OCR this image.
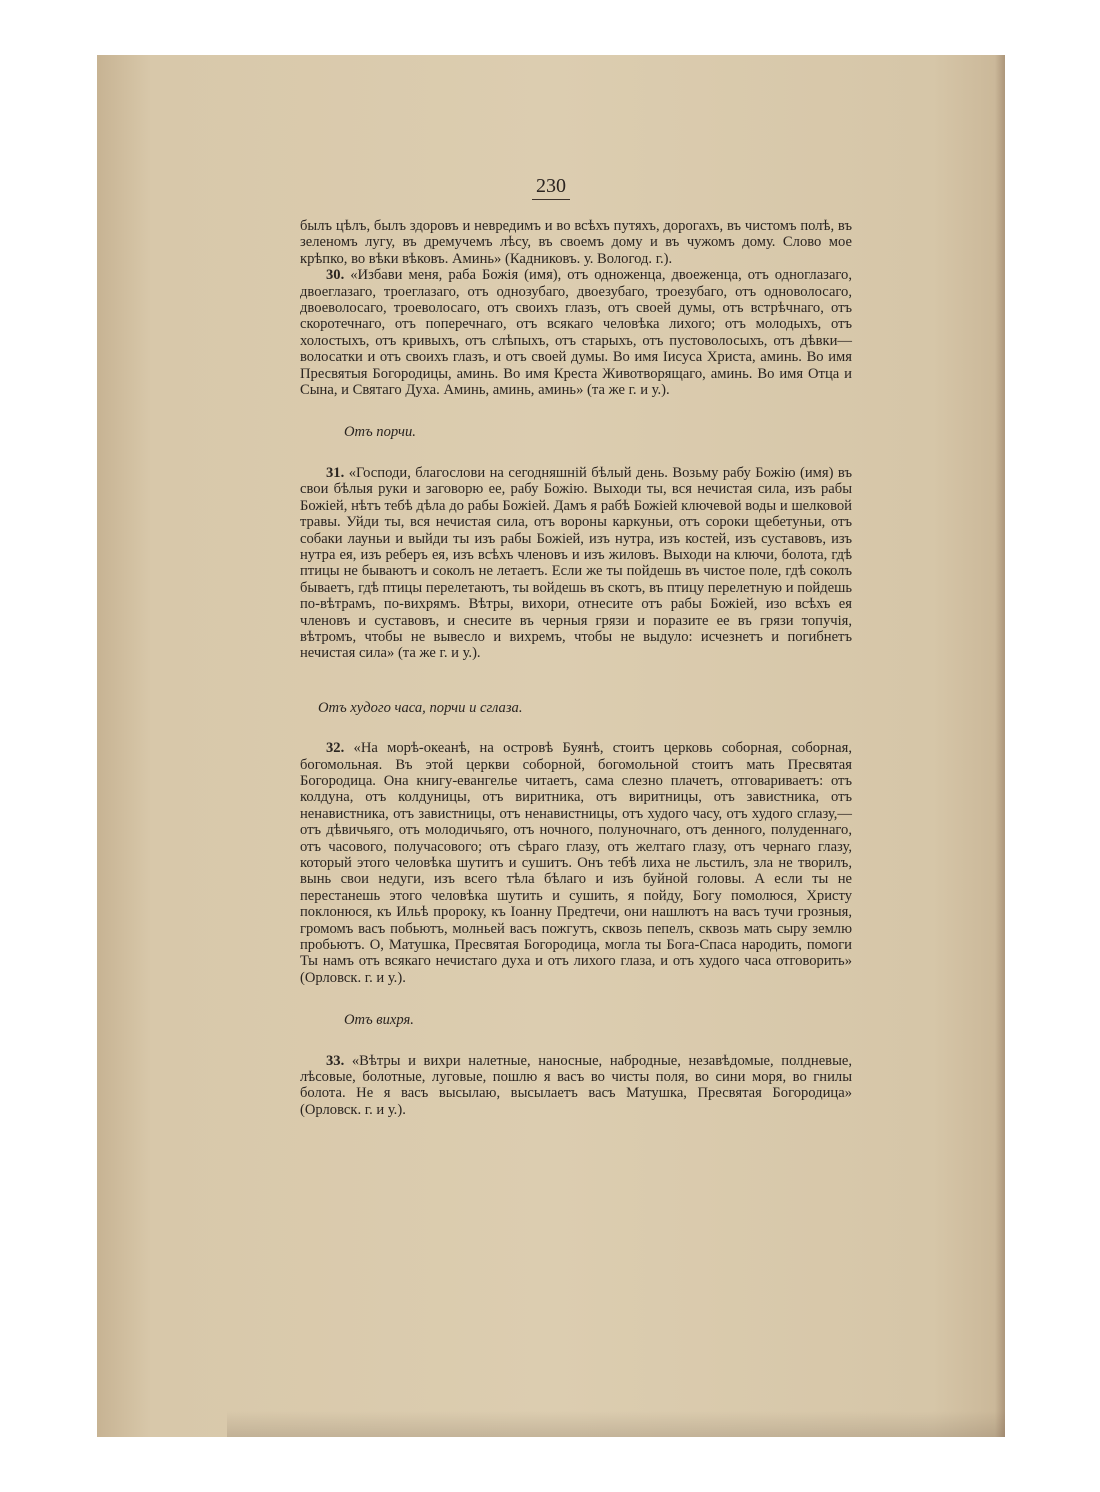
230

былъ цѣлъ, былъ здоровъ и невредимъ и во всѣхъ путяхъ, дорогахъ, въ чистомъ полѣ, въ зеленомъ лугу, въ дремучемъ лѣсу, въ своемъ дому и въ чужомъ дому. Слово мое крѣпко, во вѣки вѣковъ. Аминь» (Кадниковъ. у. Вологод. г.).

30. «Избави меня, раба Божія (имя), отъ одноженца, двоеженца, отъ одноглазаго, двоеглазаго, троеглазаго, отъ однозубаго, двоезубаго, троезубаго, отъ одноволосаго, двоеволосаго, троеволосаго, отъ своихъ глазъ, отъ своей думы, отъ встрѣчнаго, отъ скоротечнаго, отъ поперечнаго, отъ всякаго человѣка лихого; отъ молодыхъ, отъ холостыхъ, отъ кривыхъ, отъ слѣпыхъ, отъ старыхъ, отъ пустоволосыхъ, отъ дѣвки—волосатки и отъ своихъ глазъ, и отъ своей думы. Во имя Іисуса Христа, аминь. Во имя Пресвятыя Богородицы, аминь. Во имя Креста Животворящаго, аминь. Во имя Отца и Сына, и Святаго Духа. Аминь, аминь, аминь» (та же г. и у.).

Отъ порчи.

31. «Господи, благослови на сегодняшній бѣлый день. Возьму рабу Божію (имя) въ свои бѣлыя руки и заговорю ее, рабу Божію. Выходи ты, вся нечистая сила, изъ рабы Божіей, нѣтъ тебѣ дѣла до рабы Божіей. Дамъ я рабѣ Божіей ключевой воды и шелковой травы. Уйди ты, вся нечистая сила, отъ вороны каркуньи, отъ сороки щебетуньи, отъ собаки лауньи и выйди ты изъ рабы Божіей, изъ нутра, изъ костей, изъ суставовъ, изъ нутра ея, изъ реберъ ея, изъ всѣхъ членовъ и изъ жиловъ. Выходи на ключи, болота, гдѣ птицы не бываютъ и соколъ не летаетъ. Если же ты пойдешь въ чистое поле, гдѣ соколъ бываетъ, гдѣ птицы перелетаютъ, ты войдешь въ скотъ, въ птицу перелетную и пойдешь по-вѣтрамъ, по-вихрямъ. Вѣтры, вихори, отнесите отъ рабы Божіей, изо всѣхъ ея членовъ и суставовъ, и снесите въ черныя грязи и поразите ее въ грязи топучія, вѣтромъ, чтобы не вывесло и вихремъ, чтобы не выдуло: исчезнетъ и погибнетъ нечистая сила» (та же г. и у.).

Отъ худого часа, порчи и сглаза.

32. «На морѣ-океанѣ, на островѣ Буянѣ, стоитъ церковь соборная, соборная, богомольная. Въ этой церкви соборной, богомольной стоитъ мать Пресвятая Богородица. Она книгу-евангелье читаетъ, сама слезно плачетъ, отговариваетъ: отъ колдуна, отъ колдуницы, отъ виритника, отъ виритницы, отъ завистника, отъ ненавистника, отъ завистницы, отъ ненавистницы, отъ худого часу, отъ худого сглазу,—отъ дѣвичьяго, отъ молодичьяго, отъ ночного, полуночнаго, отъ денного, полуденнаго, отъ часового, получасового; отъ сѣраго глазу, отъ желтаго глазу, отъ чернаго глазу, который этого человѣка шутитъ и сушитъ. Онъ тебѣ лиха не льстилъ, зла не творилъ, вынь свои недуги, изъ всего тѣла бѣлаго и изъ буйной головы. А если ты не перестанешь этого человѣка шутить и сушить, я пойду, Богу помолюся, Христу поклонюся, къ Ильѣ пророку, къ Іоанну Предтечи, они нашлютъ на васъ тучи грозныя, громомъ васъ побьютъ, молньей васъ пожгутъ, сквозь пепелъ, сквозь мать сыру землю пробьютъ. О, Матушка, Пресвятая Богородица, могла ты Бога-Спаса народить, помоги Ты намъ отъ всякаго нечистаго духа и отъ лихого глаза, и отъ худого часа отговорить» (Орловск. г. и у.).

Отъ вихря.

33. «Вѣтры и вихри налетные, наносные, набродные, незавѣдомые, полдневые, лѣсовые, болотные, луговые, пошлю я васъ во чисты поля, во сини моря, во гнилы болота. Не я васъ высылаю, высылаетъ васъ Матушка, Пресвятая Богородица» (Орловск. г. и у.).
